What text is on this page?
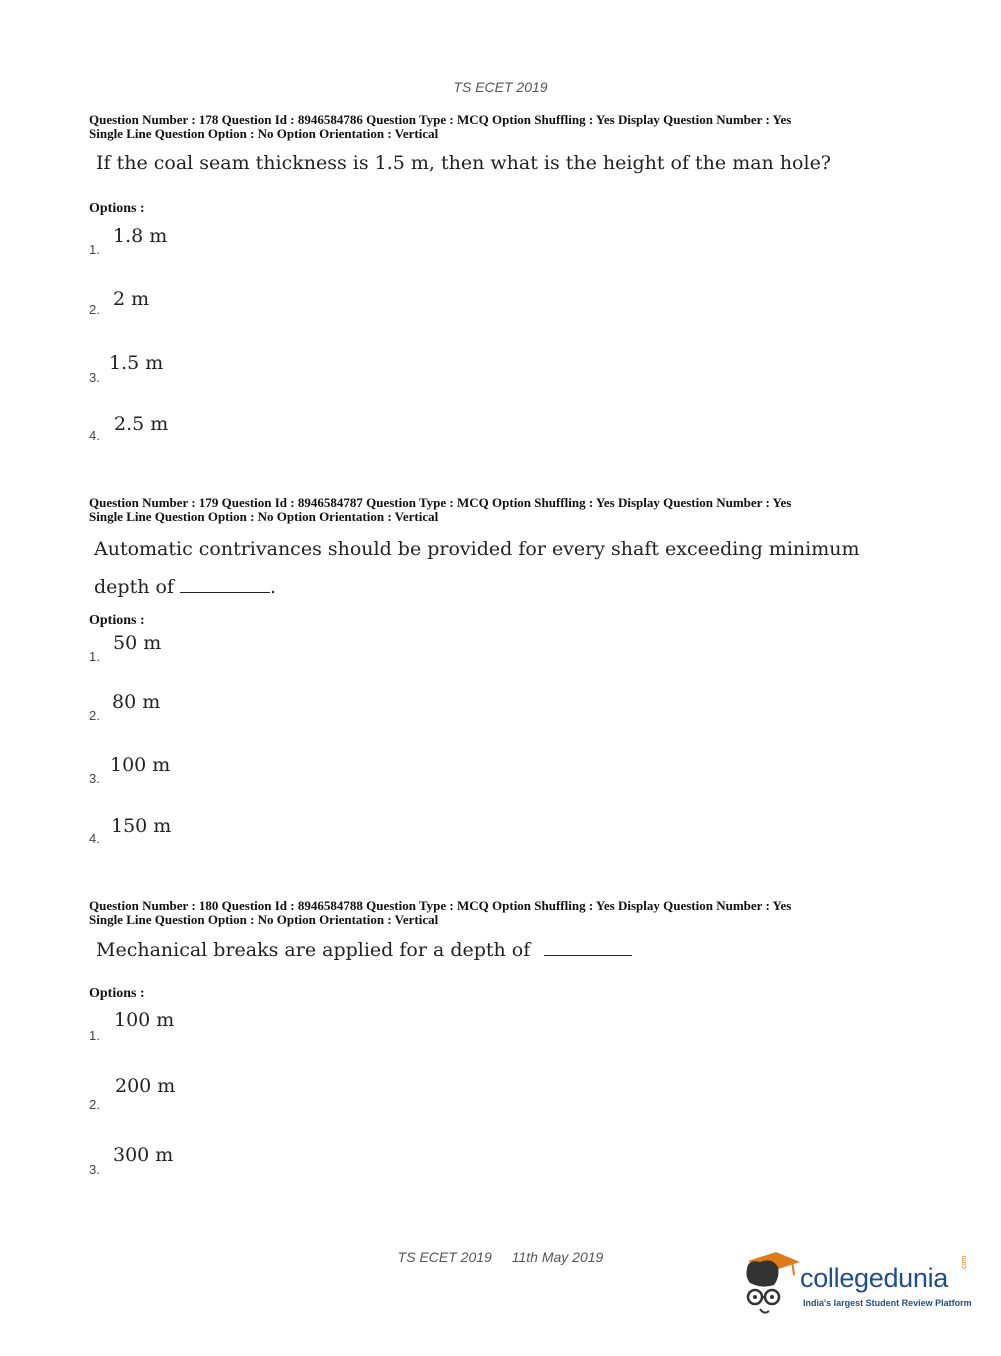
TS ECET 2019
Question Number : 178 Question Id : 8946584786 Question Type : MCQ Option Shuffling : Yes Display Question Number : Yes
Single Line Question Option : No Option Orientation : Vertical
If the coal seam thickness is 1.5 m, then what is the height of the man hole?
Options :
1.
1.8 m
2. 2 m
3.
1.5 m
4.
2.5 m
Question Number : 179 Question Id : 8946584787 Question Type : MCQ Option Shuffling : Yes Display Question Number : Yes
Single Line Question Option : No Option Orientation : Vertical
Automatic contrivances should be provided for every shaft exceeding minimum
depth of	.
Options :
1.
50 m
2.
80 m
3.
100 m
4.
150 m
Question Number : 180 Question Id : 8946584788 Question Type : MCQ Option Shuffling : Yes Display Question Number : Yes
Single Line Question Option : No Option Orientation : Vertical
Mechanical breaks are applied for a depth of
Options :
1.
100 m
2.
200 m
3.
300 m
TS ECET 2019 11th May 2019
collegedunia .com
India's largest Student Review Platform
